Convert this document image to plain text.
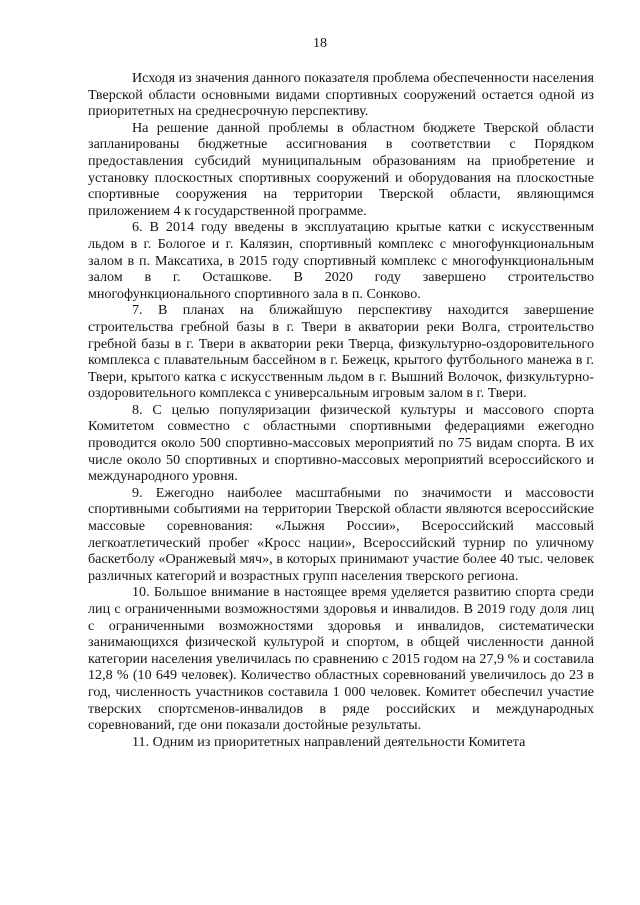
18

Исходя из значения данного показателя проблема обеспеченности населения Тверской области основными видами спортивных сооружений остается одной из приоритетных на среднесрочную перспективу.

На решение данной проблемы в областном бюджете Тверской области запланированы бюджетные ассигнования в соответствии с Порядком предоставления субсидий муниципальным образованиям на приобретение и установку плоскостных спортивных сооружений и оборудования на плоскостные спортивные сооружения на территории Тверской области, являющимся приложением 4 к государственной программе.

6. В 2014 году введены в эксплуатацию крытые катки с искусственным льдом в г. Бологое и г. Калязин, спортивный комплекс с многофункциональным залом в п. Максатиха, в 2015 году спортивный комплекс с многофункциональным залом в г. Осташкове. В 2020 году завершено строительство многофункционального спортивного зала в п. Сонково.

7. В планах на ближайшую перспективу находится завершение строительства гребной базы в г. Твери в акватории реки Волга, строительство гребной базы в г. Твери в акватории реки Тверца, физкультурно-оздоровительного комплекса с плавательным бассейном в г. Бежецк, крытого футбольного манежа в г. Твери, крытого катка с искусственным льдом в г. Вышний Волочок, физкультурно-оздоровительного комплекса с универсальным игровым залом в г. Твери.

8. С целью популяризации физической культуры и массового спорта Комитетом совместно с областными спортивными федерациями ежегодно проводится около 500 спортивно-массовых мероприятий по 75 видам спорта. В их числе около 50 спортивных и спортивно-массовых мероприятий всероссийского и международного уровня.

9. Ежегодно наиболее масштабными по значимости и массовости спортивными событиями на территории Тверской области являются всероссийские массовые соревнования: «Лыжня России», Всероссийский массовый легкоатлетический пробег «Кросс нации», Всероссийский турнир по уличному баскетболу «Оранжевый мяч», в которых принимают участие более 40 тыс. человек различных категорий и возрастных групп населения тверского региона.

10. Большое внимание в настоящее время уделяется развитию спорта среди лиц с ограниченными возможностями здоровья и инвалидов. В 2019 году доля лиц с ограниченными возможностями здоровья и инвалидов, систематически занимающихся физической культурой и спортом, в общей численности данной категории населения увеличилась по сравнению с 2015 годом на 27,9 % и составила 12,8 % (10 649 человек). Количество областных соревнований увеличилось до 23 в год, численность участников составила 1 000 человек. Комитет обеспечил участие тверских спортсменов-инвалидов в ряде российских и международных соревнований, где они показали достойные результаты.

11. Одним из приоритетных направлений деятельности Комитета
